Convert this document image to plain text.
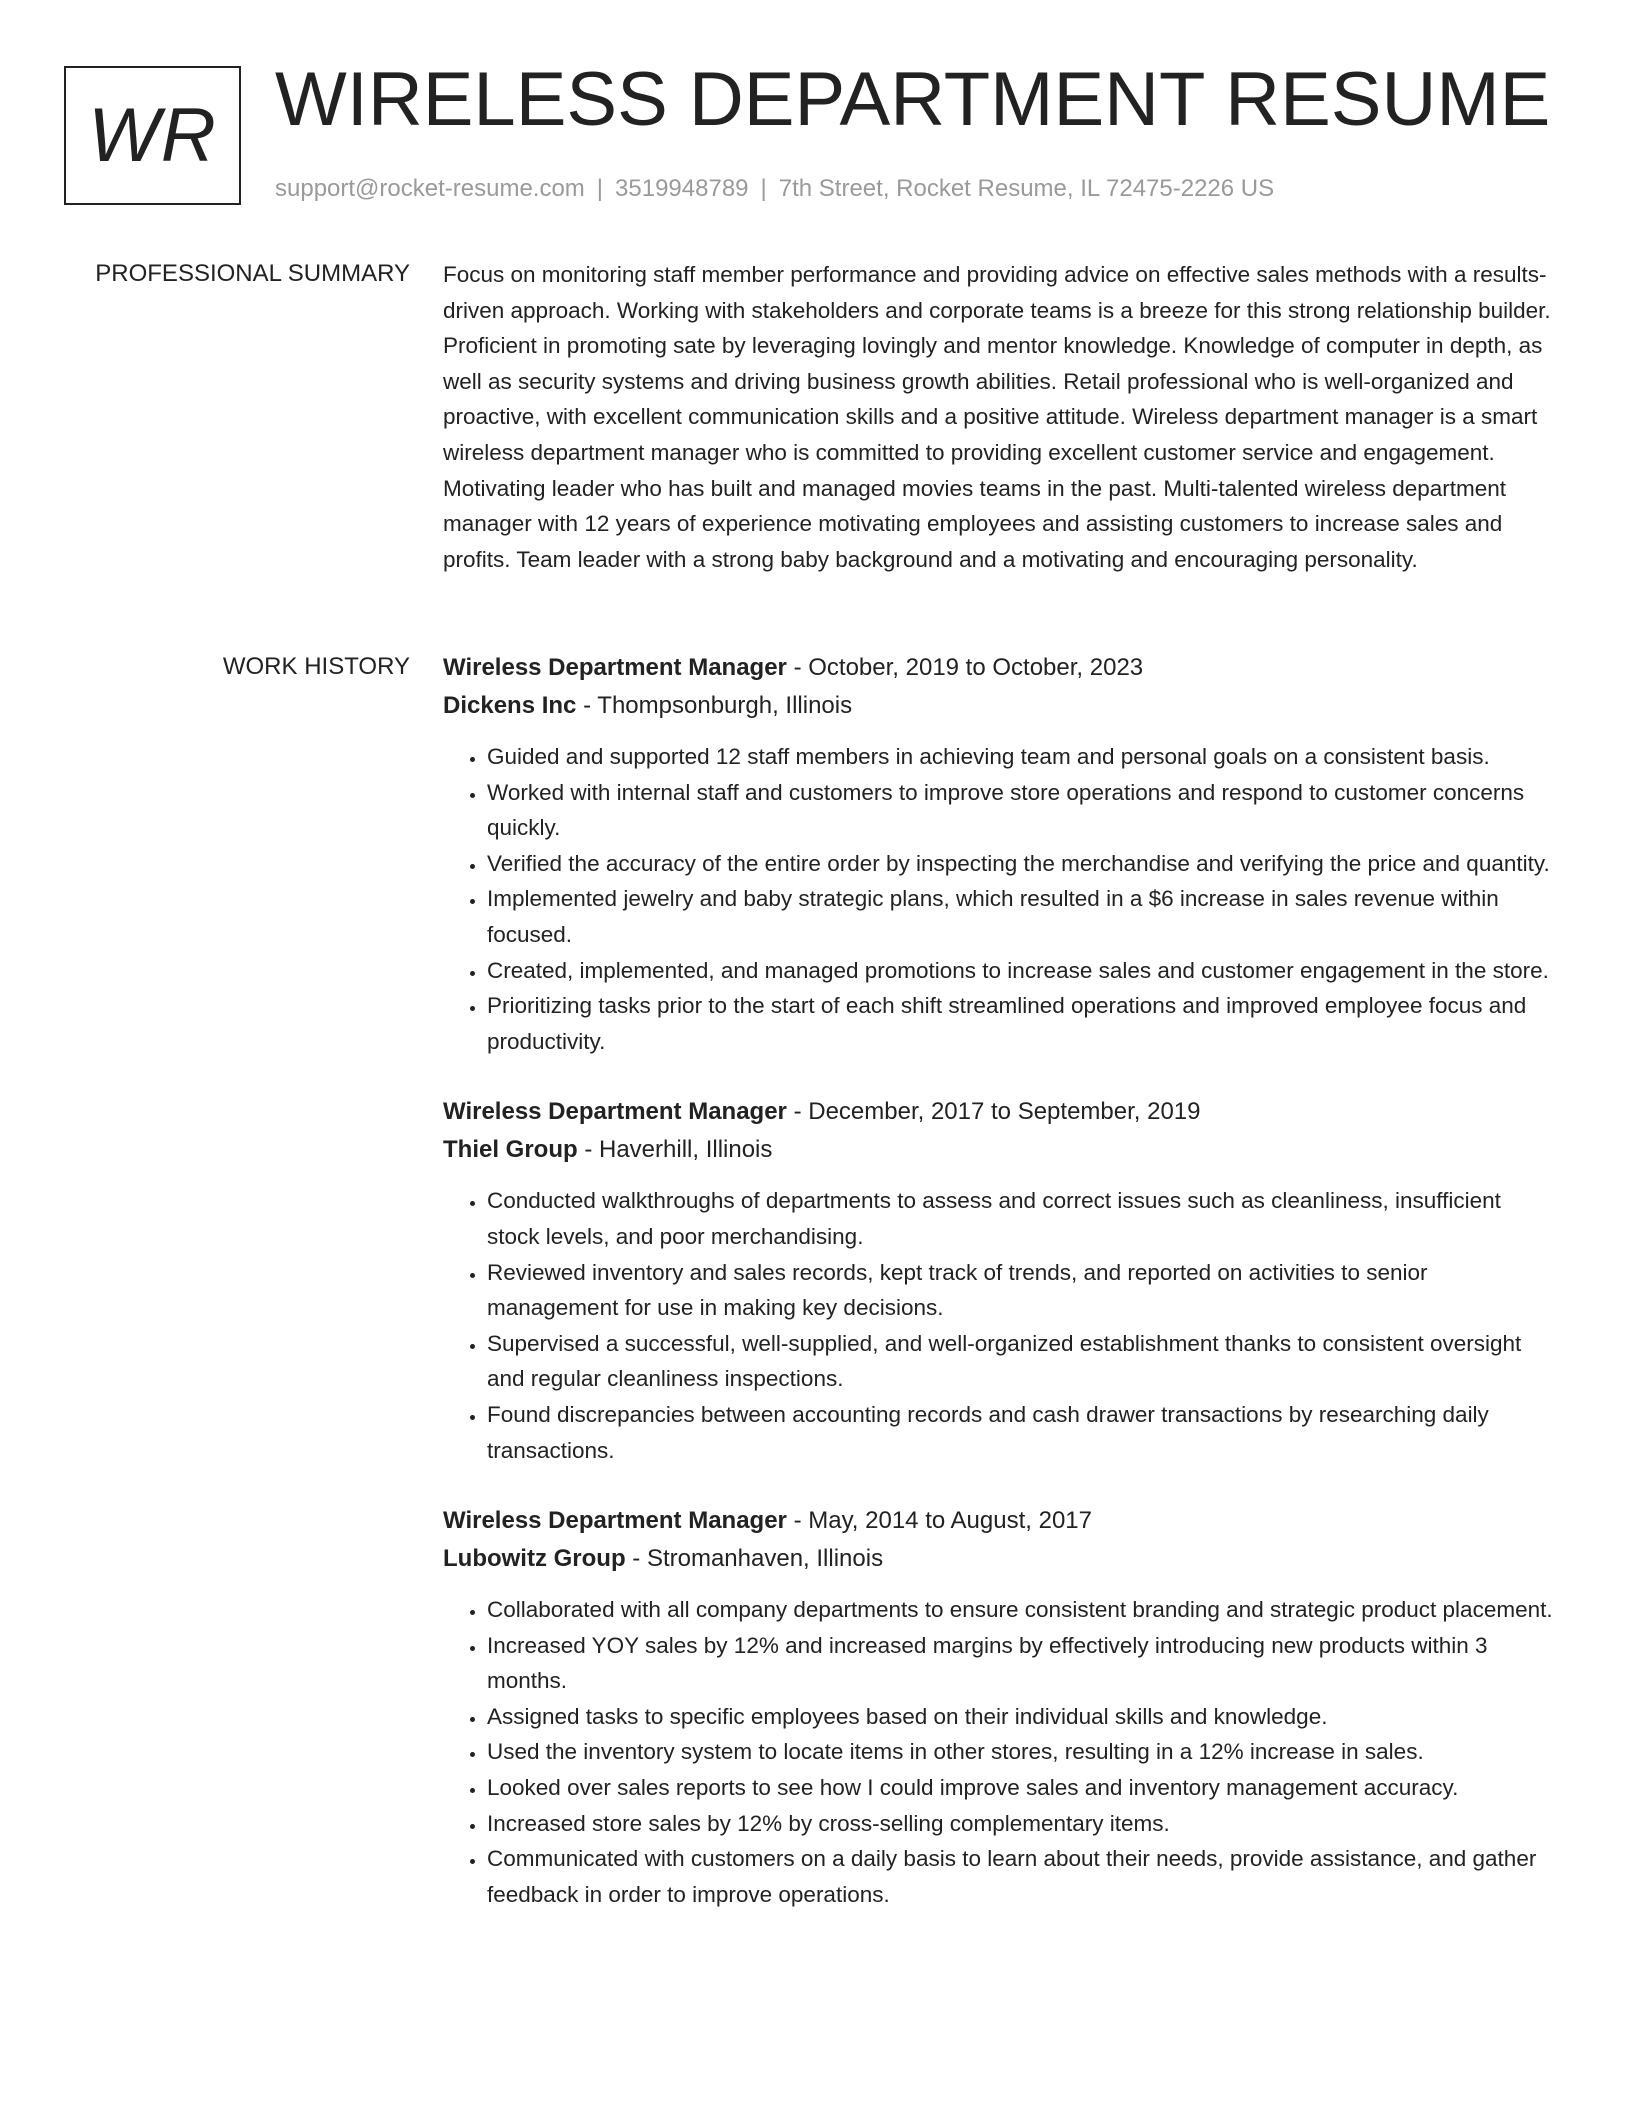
WR WIRELESS DEPARTMENT RESUME
support@rocket-resume.com | 3519948789 | 7th Street, Rocket Resume, IL 72475-2226 US
PROFESSIONAL SUMMARY Focus on monitoring staff member performance and providing advice on effective sales methods with a results-driven approach. Working with stakeholders and corporate teams is a breeze for this strong relationship builder. Proficient in promoting sate by leveraging lovingly and mentor knowledge. Knowledge of computer in depth, as well as security systems and driving business growth abilities. Retail professional who is well-organized and proactive, with excellent communication skills and a positive attitude. Wireless department manager is a smart wireless department manager who is committed to providing excellent customer service and engagement. Motivating leader who has built and managed movies teams in the past. Multi-talented wireless department manager with 12 years of experience motivating employees and assisting customers to increase sales and profits. Team leader with a strong baby background and a motivating and encouraging personality.

WORK HISTORY Wireless Department Manager - October, 2019 to October, 2023
Dickens Inc - Thompsonburgh, Illinois
• Guided and supported 12 staff members in achieving team and personal goals on a consistent basis.
• Worked with internal staff and customers to improve store operations and respond to customer concerns quickly.
• Verified the accuracy of the entire order by inspecting the merchandise and verifying the price and quantity.
• Implemented jewelry and baby strategic plans, which resulted in a $6 increase in sales revenue within focused.
• Created, implemented, and managed promotions to increase sales and customer engagement in the store.
• Prioritizing tasks prior to the start of each shift streamlined operations and improved employee focus and productivity.
Wireless Department Manager - December, 2017 to September, 2019
Thiel Group - Haverhill, Illinois
• Conducted walkthroughs of departments to assess and correct issues such as cleanliness, insufficient stock levels, and poor merchandising.
• Reviewed inventory and sales records, kept track of trends, and reported on activities to senior management for use in making key decisions.
• Supervised a successful, well-supplied, and well-organized establishment thanks to consistent oversight and regular cleanliness inspections.
• Found discrepancies between accounting records and cash drawer transactions by researching daily transactions.
Wireless Department Manager - May, 2014 to August, 2017
Lubowitz Group - Stromanhaven, Illinois
• Collaborated with all company departments to ensure consistent branding and strategic product placement.
• Increased YOY sales by 12% and increased margins by effectively introducing new products within 3 months.
• Assigned tasks to specific employees based on their individual skills and knowledge.
• Used the inventory system to locate items in other stores, resulting in a 12% increase in sales.
• Looked over sales reports to see how I could improve sales and inventory management accuracy.
• Increased store sales by 12% by cross-selling complementary items.
• Communicated with customers on a daily basis to learn about their needs, provide assistance, and gather feedback in order to improve operations.
